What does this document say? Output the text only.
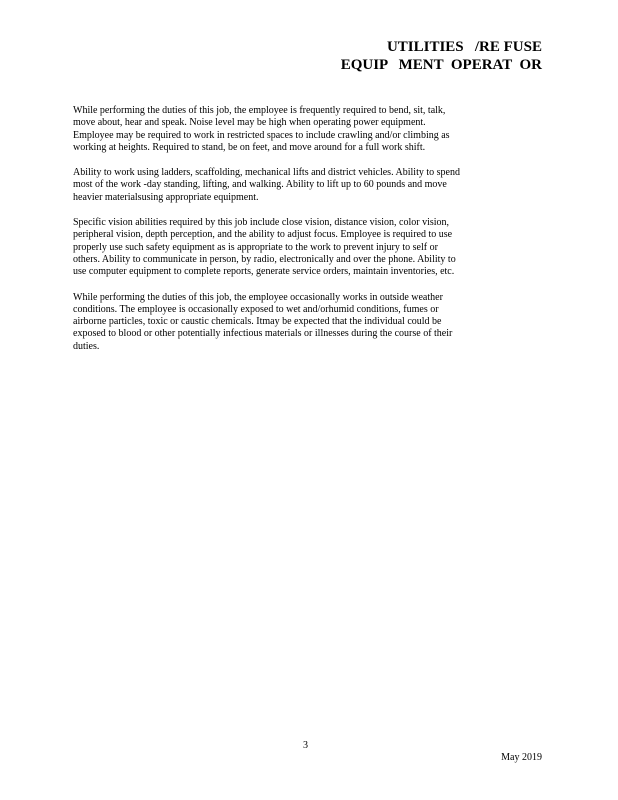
UTILITIES   /RE FUSE
EQUIP   MENT  OPERAT  OR

While performing the duties of this job, the employee is frequently required to bend, sit, talk,
move about, hear and speak. Noise level may be high when operating power equipment.
Employee may be required to work in restricted spaces to include crawling and/or climbing as
working at heights. Required to stand, be on feet, and move around for a full work shift.

Ability to work using ladders, scaffolding, mechanical lifts and district vehicles. Ability to spend
most of the work -day standing, lifting, and walking. Ability to lift up to 60 pounds and move
heavier materialsusing appropriate equipment.

Specific vision abilities required by this job include close vision, distance vision, color vision,
peripheral vision, depth perception, and the ability to adjust focus. Employee is required to use
properly use such safety equipment as is appropriate to the work to prevent injury to self or
others. Ability to communicate in person, by radio, electronically and over the phone. Ability to
use computer equipment to complete reports, generate service orders, maintain inventories, etc.

While performing the duties of this job, the employee occasionally works in outside weather
conditions. The employee is occasionally exposed to wet and/orhumid conditions, fumes or
airborne particles, toxic or caustic chemicals. Itmay be expected that the individual could be
exposed to blood or other potentially infectious materials or illnesses during the course of their
duties.

3
May 2019
